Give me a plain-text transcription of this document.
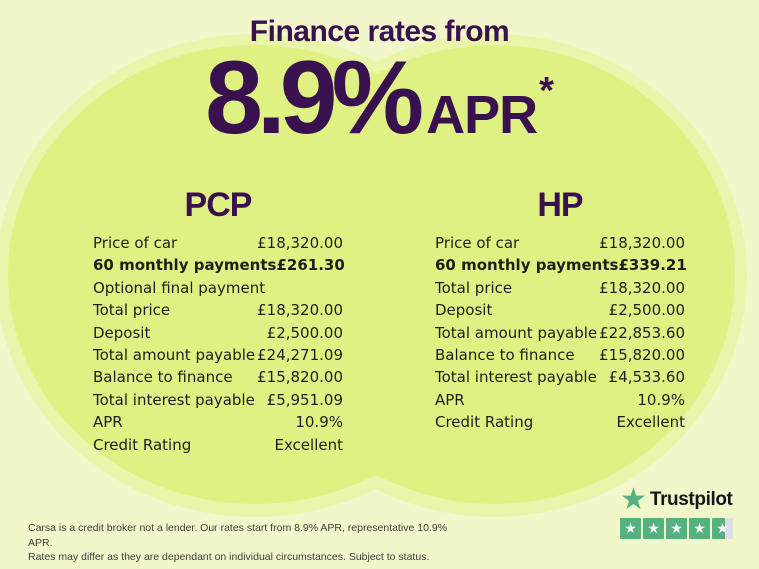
Finance rates from
8.9% APR *
PCP
Price of car	£18,320.00
60 monthly payments £261.30
Optional final payment
Total price	£18,320.00
Deposit	£2,500.00
Total amount payable £24,271.09
Balance to finance £15,820.00
Total interest payable £5,951.09
APR	10.9%
Credit Rating	Excellent
HP
Price of car	£18,320.00
60 monthly payments £339.21
Total price	£18,320.00
Deposit	£2,500.00
Total amount payable £22,853.60
Balance to finance £15,820.00
Total interest payable £4,533.60
APR	10.9%
Credit Rating	Excellent
Carsa is a credit broker not a lender. Our rates start from 8.9% APR, representative 10.9% APR.
Rates may differ as they are dependant on individual circumstances. Subject to status.
★ Trustpilot
★ ★ ★ ★ ★
